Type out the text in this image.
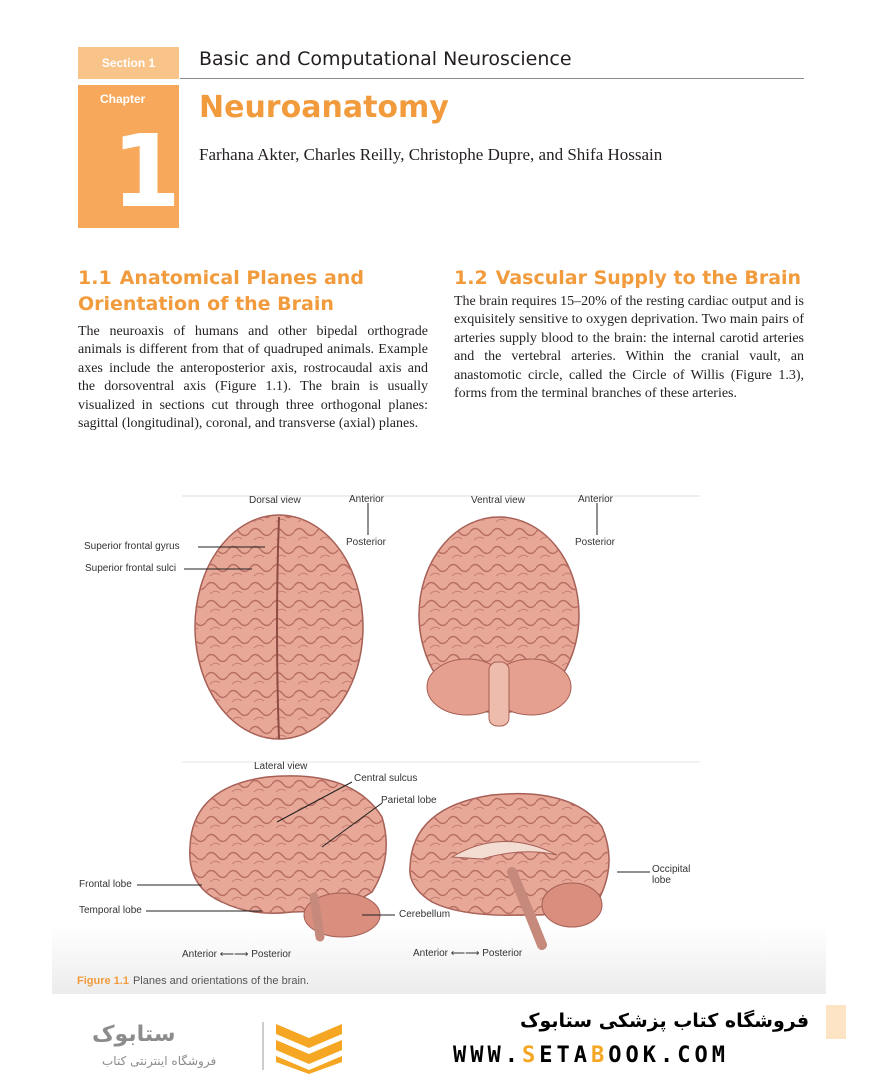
Section 1	Basic and Computational Neuroscience
Chapter
1
Neuroanatomy
Farhana Akter, Charles Reilly, Christophe Dupre, and Shifa Hossain
1.1 Anatomical Planes and Orientation of the Brain

The neuroaxis of humans and other bipedal orthograde animals is different from that of quadruped animals. Example axes include the anteroposterior axis, rostrocaudal axis and the dorsoventral axis (Figure 1.1). The brain is usually visualized in sections cut through three orthogonal planes: sagittal (longitudinal), coronal, and transverse (axial) planes.

1.2 Vascular Supply to the Brain

The brain requires 15–20% of the resting cardiac output and is exquisitely sensitive to oxygen deprivation. Two main pairs of arteries supply blood to the brain: the internal carotid arteries and the vertebral arteries. Within the cranial vault, an anastomotic circle, called the Circle of Willis (Figure 1.3), forms from the terminal branches of these arteries.

Dorsal view	Anterior
Posterior
Ventral view	Anterior
Posterior
Superior frontal gyrus
Superior frontal sulci
Lateral view
Central sulcus
Parietal lobe
Frontal lobe
Temporal lobe	Cerebellum
Occipital lobe
Anterior ⟵⟶ Posterior	Anterior ⟵⟶ Posterior
Figure 1.1 Planes and orientations of the brain.
ستابوک
فروشگاه اینترنتی کتاب
فروشگاه کتاب پزشکی ستابوک
WWW.SETABOOK.COM
